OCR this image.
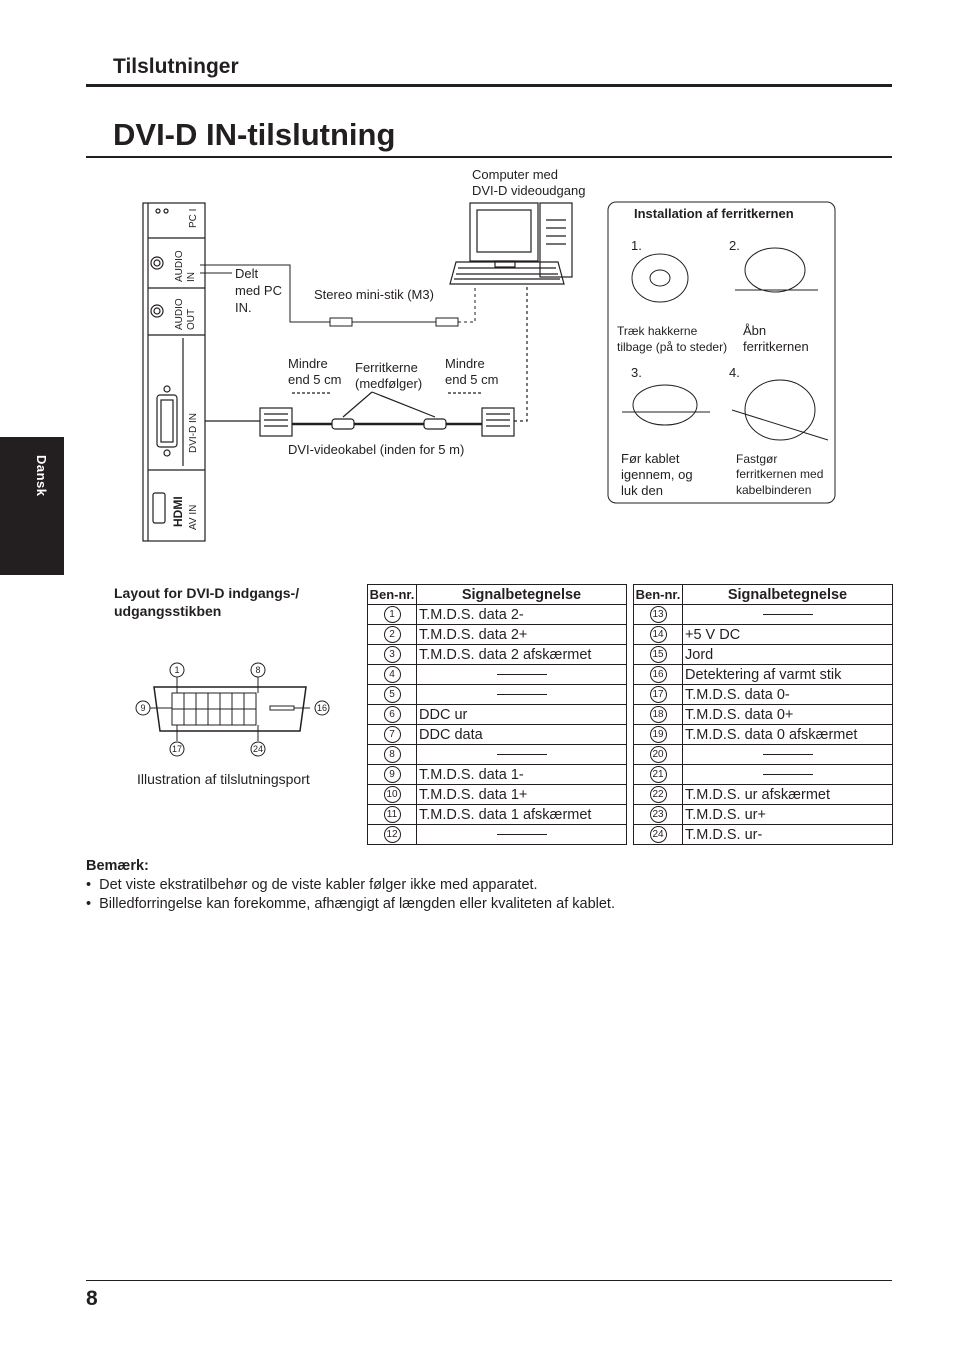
Tilslutninger
DVI-D IN-tilslutning
Dansk
PC I
AUDIO IN
AUDIO OUT
DVI-D IN
HDMI AV IN
Delt
med PC
IN.
Stereo mini-stik (M3)
Computer med
DVI-D videoudgang
Mindre
end 5 cm
Ferritkerne
(medfølger)
Mindre
end 5 cm
DVI-videokabel (inden for 5 m)
Installation af ferritkernen
1.	2.
3.	4.
Træk hakkerne
tilbage (på to steder)
Åbn
ferritkernen
Før kablet
igennem, og
luk den
Fastgør
ferritkernen med
kabelbinderen
Layout for DVI-D indgangs-/ udgangsstikben
1	8
9	16
17	24
Illustration af tilslutningsport
Ben-nr.	Signalbetegnelse		Ben-nr.	Signalbetegnelse
1	T.M.D.S. data 2-		13	

2	T.M.D.S. data 2+		14	+5 V DC
3	T.M.D.S. data 2 afskærmet		15	Jord
4			16	Detektering af varmt stik
5			17	T.M.D.S. data 0-
6	DDC ur		18	T.M.D.S. data 0+
7	DDC data		19	T.M.D.S. data 0 afskærmet
8			20	

9	T.M.D.S. data 1-		21	

10	T.M.D.S. data 1+		22	T.M.D.S. ur afskærmet
11	T.M.D.S. data 1 afskærmet		23	T.M.D.S. ur+
12			24	T.M.D.S. ur-
Bemærk:
•  Det viste ekstratilbehør og de viste kabler følger ikke med apparatet.
•  Billedforringelse kan forekomme, afhængigt af længden eller kvaliteten af kablet.
8
